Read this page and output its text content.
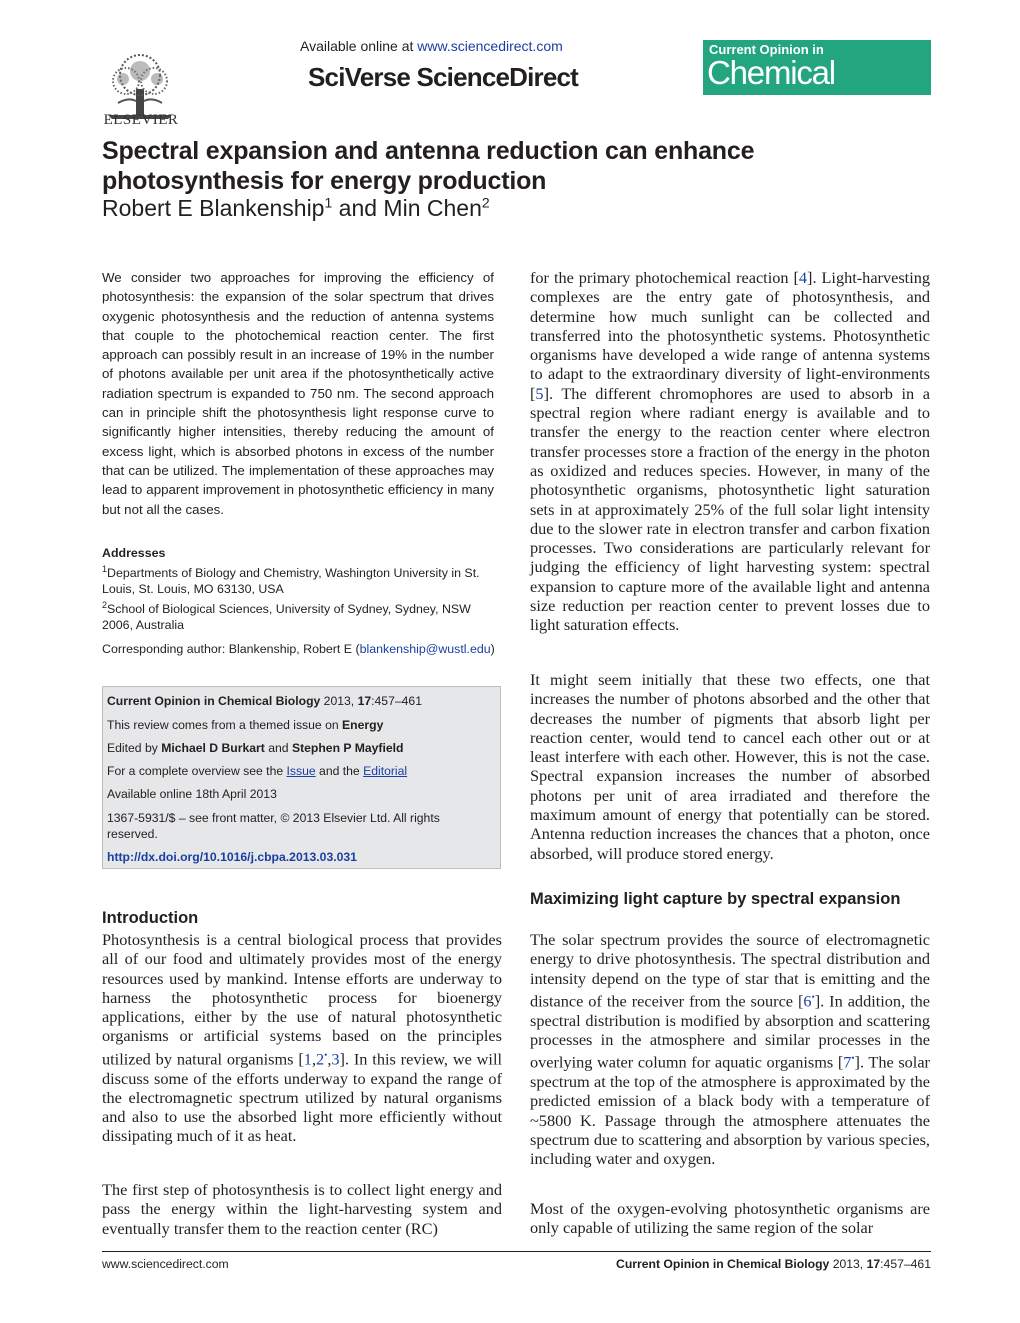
ELSEVIER
Available online at www.sciencedirect.com
SciVerse ScienceDirect
Current Opinion in
Chemical Biology
Spectral expansion and antenna reduction can enhance photosynthesis for energy production
Robert E Blankenship$^1$ and Min Chen$^2$
We consider two approaches for improving the efficiency of photosynthesis: the expansion of the solar spectrum that drives oxygenic photosynthesis and the reduction of antenna systems that couple to the photochemical reaction center. The first approach can possibly result in an increase of 19% in the number of photons available per unit area if the photosynthetically active radiation spectrum is expanded to 750 nm. The second approach can in principle shift the photosynthesis light response curve to significantly higher intensities, thereby reducing the amount of excess light, which is absorbed photons in excess of the number that can be utilized. The implementation of these approaches may lead to apparent improvement in photosynthetic efficiency in many but not all the cases.
Addresses
$^1$Departments of Biology and Chemistry, Washington University in St. Louis, St. Louis, MO 63130, USA
$^2$School of Biological Sciences, University of Sydney, Sydney, NSW 2006, Australia
Corresponding author: Blankenship, Robert E (blankenship@wustl.edu)
Current Opinion in Chemical Biology 2013, 17:457–461
This review comes from a themed issue on Energy
Edited by Michael D Burkart and Stephen P Mayfield
For a complete overview see the Issue and the Editorial
Available online 18th April 2013
1367-5931/$ – see front matter, © 2013 Elsevier Ltd. All rights reserved.
http://dx.doi.org/10.1016/j.cbpa.2013.03.031
Introduction
Photosynthesis is a central biological process that provides all of our food and ultimately provides most of the energy resources used by mankind. Intense efforts are underway to harness the photosynthetic process for bioenergy applications, either by the use of natural photosynthetic organisms or artificial systems based on the principles utilized by natural organisms [1,2•,3]. In this review, we will discuss some of the efforts underway to expand the range of the electromagnetic spectrum utilized by natural organisms and also to use the absorbed light more efficiently without dissipating much of it as heat.
The first step of photosynthesis is to collect light energy and pass the energy within the light-harvesting system and eventually transfer them to the reaction center (RC)
for the primary photochemical reaction [4]. Light-harvesting complexes are the entry gate of photosynthesis, and determine how much sunlight can be collected and transferred into the photosynthetic systems. Photosynthetic organisms have developed a wide range of antenna systems to adapt to the extraordinary diversity of light-environments [5]. The different chromophores are used to absorb in a spectral region where radiant energy is available and to transfer the energy to the reaction center where electron transfer processes store a fraction of the energy in the photon as oxidized and reduces species. However, in many of the photosynthetic organisms, photosynthetic light saturation sets in at approximately 25% of the full solar light intensity due to the slower rate in electron transfer and carbon fixation processes. Two considerations are particularly relevant for judging the efficiency of light harvesting system: spectral expansion to capture more of the available light and antenna size reduction per reaction center to prevent losses due to light saturation effects.
It might seem initially that these two effects, one that increases the number of photons absorbed and the other that decreases the number of pigments that absorb light per reaction center, would tend to cancel each other out or at least interfere with each other. However, this is not the case. Spectral expansion increases the number of absorbed photons per unit of area irradiated and therefore the maximum amount of energy that potentially can be stored. Antenna reduction increases the chances that a photon, once absorbed, will produce stored energy.
Maximizing light capture by spectral expansion
The solar spectrum provides the source of electromagnetic energy to drive photosynthesis. The spectral distribution and intensity depend on the type of star that is emitting and the distance of the receiver from the source [6•]. In addition, the spectral distribution is modified by absorption and scattering processes in the atmosphere and similar processes in the overlying water column for aquatic organisms [7•]. The solar spectrum at the top of the atmosphere is approximated by the predicted emission of a black body with a temperature of ~5800 K. Passage through the atmosphere attenuates the spectrum due to scattering and absorption by various species, including water and oxygen.
Most of the oxygen-evolving photosynthetic organisms are only capable of utilizing the same region of the solar
www.sciencedirect.com	Current Opinion in Chemical Biology 2013, 17:457–461
